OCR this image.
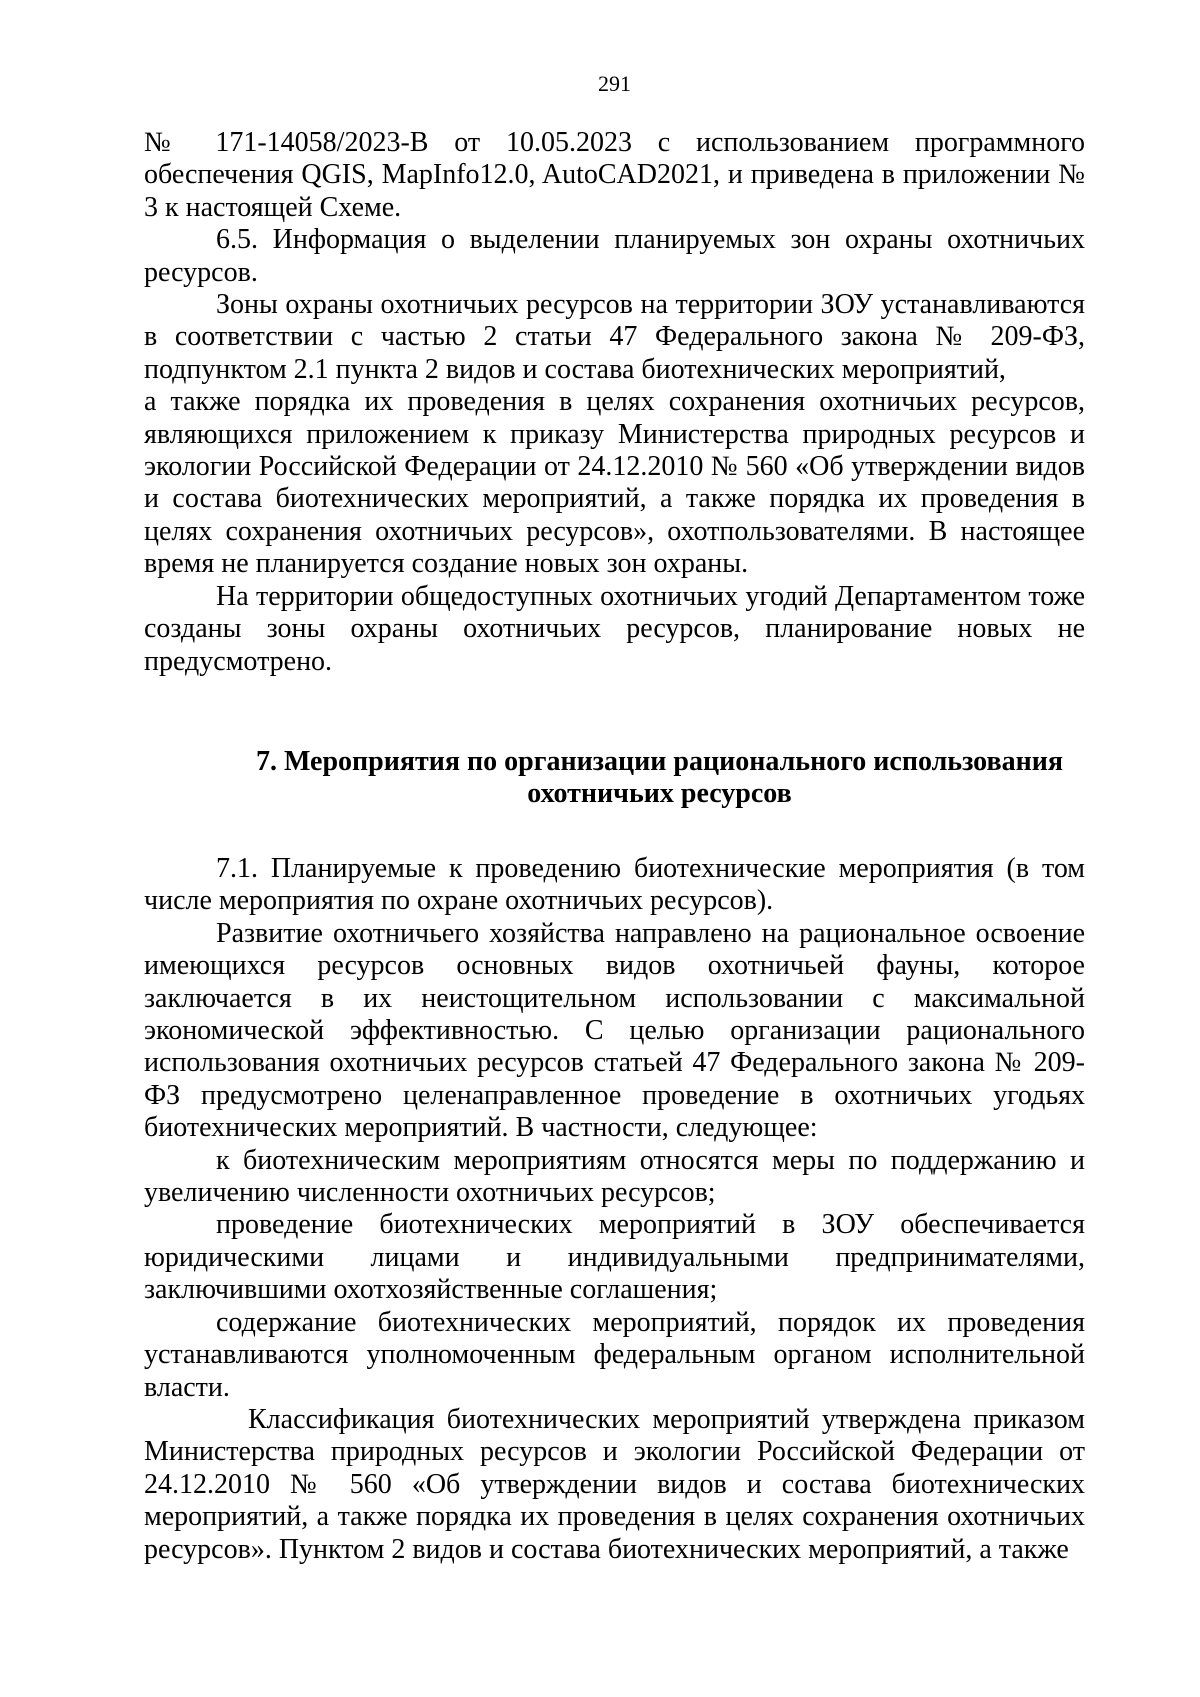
291

№ 171-14058/2023-В от 10.05.2023 с использованием программного обеспечения QGIS, MapInfo12.0, AutoCAD2021, и приведена в приложении № 3 к настоящей Схеме.

6.5. Информация о выделении планируемых зон охраны охотничьих ресурсов.

Зоны охраны охотничьих ресурсов на территории ЗОУ устанавливаются в соответствии с частью 2 статьи 47 Федерального закона № 209-ФЗ, подпунктом 2.1 пункта 2 видов и состава биотехнических мероприятий,

а также порядка их проведения в целях сохранения охотничьих ресурсов, являющихся приложением к приказу Министерства природных ресурсов и экологии Российской Федерации от 24.12.2010 № 560 «Об утверждении видов и состава биотехнических мероприятий, а также порядка их проведения в целях сохранения охотничьих ресурсов», охотпользователями. В настоящее время не планируется создание новых зон охраны.

На территории общедоступных охотничьих угодий Департаментом тоже созданы зоны охраны охотничьих ресурсов, планирование новых не предусмотрено.

7. Мероприятия по организации рационального использования охотничьих ресурсов

7.1. Планируемые к проведению биотехнические мероприятия (в том числе мероприятия по охране охотничьих ресурсов).

Развитие охотничьего хозяйства направлено на рациональное освоение имеющихся ресурсов основных видов охотничьей фауны, которое заключается в их неистощительном использовании с максимальной экономической эффективностью. С целью организации рационального использования охотничьих ресурсов статьей 47 Федерального закона № 209-ФЗ предусмотрено целенаправленное проведение в охотничьих угодьях биотехнических мероприятий. В частности, следующее:

к биотехническим мероприятиям относятся меры по поддержанию и увеличению численности охотничьих ресурсов;

проведение биотехнических мероприятий в ЗОУ обеспечивается юридическими лицами и индивидуальными предпринимателями, заключившими охотхозяйственные соглашения;

содержание биотехнических мероприятий, порядок их проведения устанавливаются уполномоченным федеральным органом исполнительной власти.

Классификация биотехнических мероприятий утверждена приказом Министерства природных ресурсов и экологии Российской Федерации от 24.12.2010 № 560 «Об утверждении видов и состава биотехнических мероприятий, а также порядка их проведения в целях сохранения охотничьих ресурсов». Пунктом 2 видов и состава биотехнических мероприятий, а также
